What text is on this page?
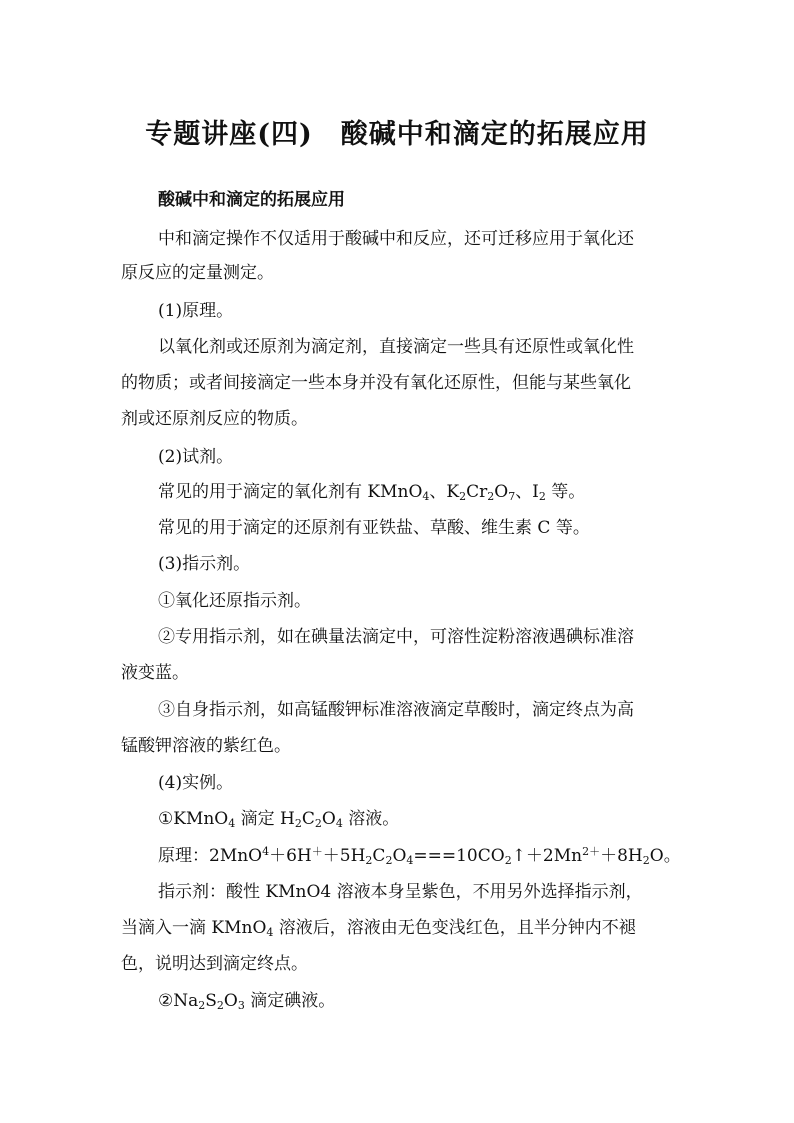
专题讲座(四) 酸碱中和滴定的拓展应用
酸碱中和滴定的拓展应用
中和滴定操作不仅适用于酸碱中和反应，还可迁移应用于氧化还
原反应的定量测定。
(1)原理。
以氧化剂或还原剂为滴定剂，直接滴定一些具有还原性或氧化性
的物质；或者间接滴定一些本身并没有氧化还原性，但能与某些氧化
剂或还原剂反应的物质。
(2)试剂。
常见的用于滴定的氧化剂有 KMnO$_4$、$K_2Cr_2O_7$、$I_2$ 等。
常见的用于滴定的还原剂有亚铁盐、草酸、维生素 C 等。
(3)指示剂。
①氧化还原指示剂。
②专用指示剂，如在碘量法滴定中，可溶性淀粉溶液遇碘标准溶
液变蓝。
③自身指示剂，如高锰酸钾标准溶液滴定草酸时，滴定终点为高
锰酸钾溶液的紫红色。
(4)实例。
①KMnO$_4$ 滴定 $H_2C_2O_4$ 溶液。
原理：$2MnO^4+6H^++5H_2C_2O_4===10CO_2↑+2Mn^{2+}+8H_2O$。
指示剂：酸性 KMnO4 溶液本身呈紫色，不用另外选择指示剂，
当滴入一滴 KMnO$_4$ 溶液后，溶液由无色变浅红色，且半分钟内不褪
色，说明达到滴定终点。
$②Na_2S_2O_3$ 滴定碘液。
